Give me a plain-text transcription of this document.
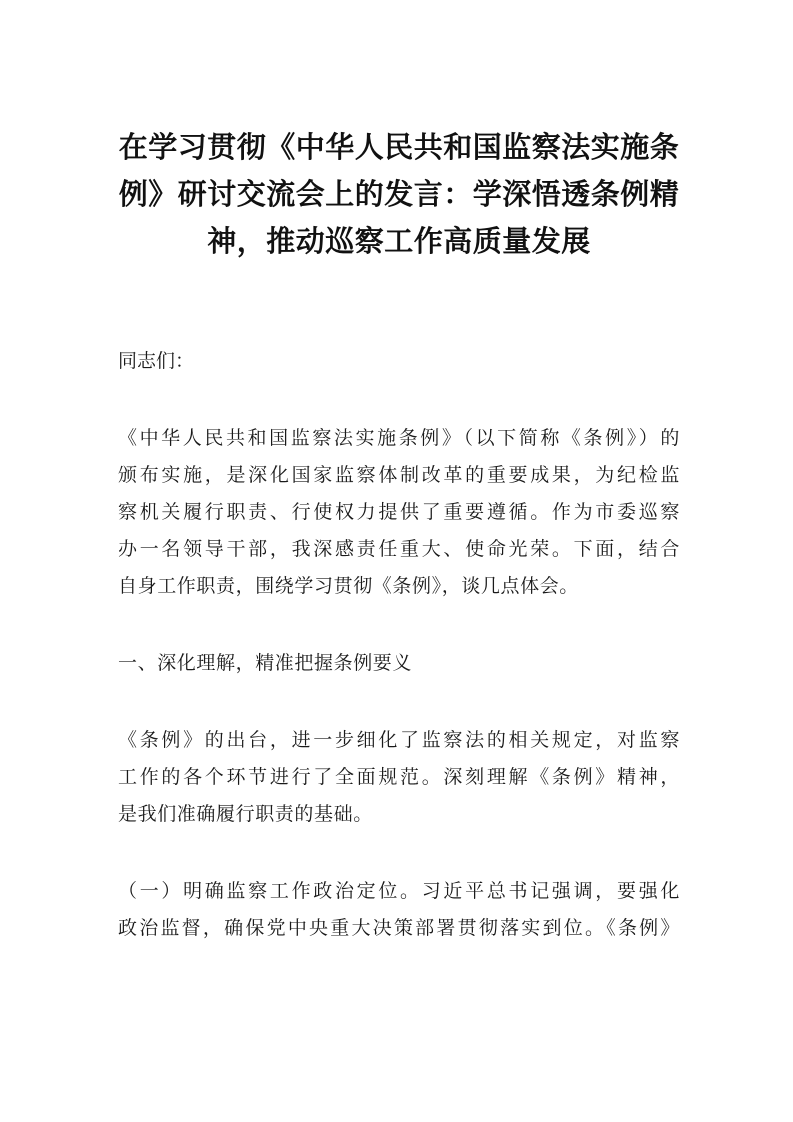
在学习贯彻《中华人民共和国监察法实施条
例》研讨交流会上的发言：学深悟透条例精
神，推动巡察工作高质量发展

同志们：

《中华人民共和国监察法实施条例》（以下简称《条例》）的
颁布实施，是深化国家监察体制改革的重要成果，为纪检监
察机关履行职责、行使权力提供了重要遵循。作为市委巡察
办一名领导干部，我深感责任重大、使命光荣。下面，结合
自身工作职责，围绕学习贯彻《条例》，谈几点体会。

一、深化理解，精准把握条例要义

《条例》的出台，进一步细化了监察法的相关规定，对监察
工作的各个环节进行了全面规范。深刻理解《条例》精神，
是我们准确履行职责的基础。

（一）明确监察工作政治定位。习近平总书记强调，要强化
政治监督，确保党中央重大决策部署贯彻落实到位。《条例》
